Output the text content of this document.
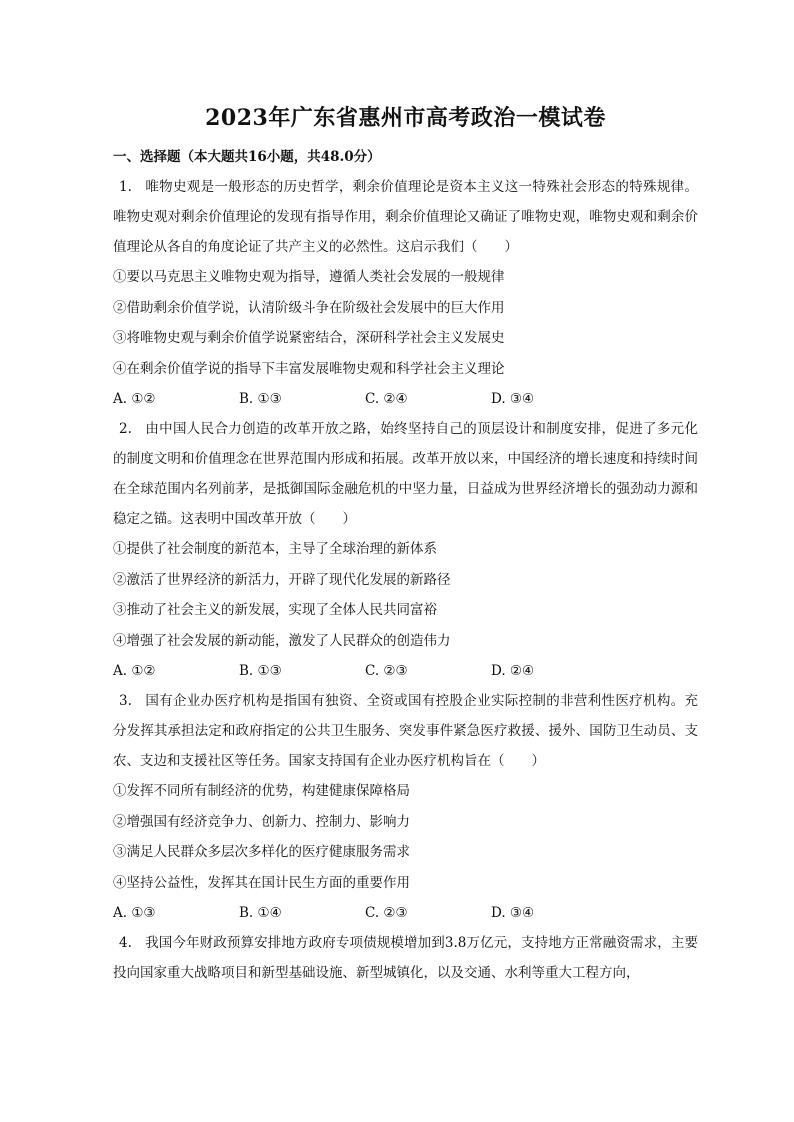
2023年广东省惠州市高考政治一模试卷
一、选择题（本大题共16小题，共48.0分）

1. 唯物史观是一般形态的历史哲学，剩余价值理论是资本主义这一特殊社会形态的特殊规律。唯物史观对剩余价值理论的发现有指导作用，剩余价值理论又确证了唯物史观，唯物史观和剩余价值理论从各自的角度论证了共产主义的必然性。这启示我们（　　）

①要以马克思主义唯物史观为指导，遵循人类社会发展的一般规律
②借助剩余价值学说，认清阶级斗争在阶级社会发展中的巨大作用
③将唯物史观与剩余价值学说紧密结合，深研科学社会主义发展史
④在剩余价值学说的指导下丰富发展唯物史观和科学社会主义理论
A. ①②	B. ①③	C. ②④	D. ③④

2. 由中国人民合力创造的改革开放之路，始终坚持自己的顶层设计和制度安排，促进了多元化的制度文明和价值理念在世界范围内形成和拓展。改革开放以来，中国经济的增长速度和持续时间在全球范围内名列前茅，是抵御国际金融危机的中坚力量，日益成为世界经济增长的强劲动力源和稳定之锚。这表明中国改革开放（　　）

①提供了社会制度的新范本，主导了全球治理的新体系
②激活了世界经济的新活力，开辟了现代化发展的新路径
③推动了社会主义的新发展，实现了全体人民共同富裕
④增强了社会发展的新动能，激发了人民群众的创造伟力
A. ①②	B. ①③	C. ②③	D. ②④

3. 国有企业办医疗机构是指国有独资、全资或国有控股企业实际控制的非营利性医疗机构。充分发挥其承担法定和政府指定的公共卫生服务、突发事件紧急医疗救援、援外、国防卫生动员、支农、支边和支援社区等任务。国家支持国有企业办医疗机构旨在（　　）

①发挥不同所有制经济的优势，构建健康保障格局
②增强国有经济竞争力、创新力、控制力、影响力
③满足人民群众多层次多样化的医疗健康服务需求
④坚持公益性，发挥其在国计民生方面的重要作用
A. ①③	B. ①④	C. ②③	D. ③④

4. 我国今年财政预算安排地方政府专项债规模增加到3.8万亿元，支持地方正常融资需求，主要投向国家重大战略项目和新型基础设施、新型城镇化，以及交通、水利等重大工程方向，
